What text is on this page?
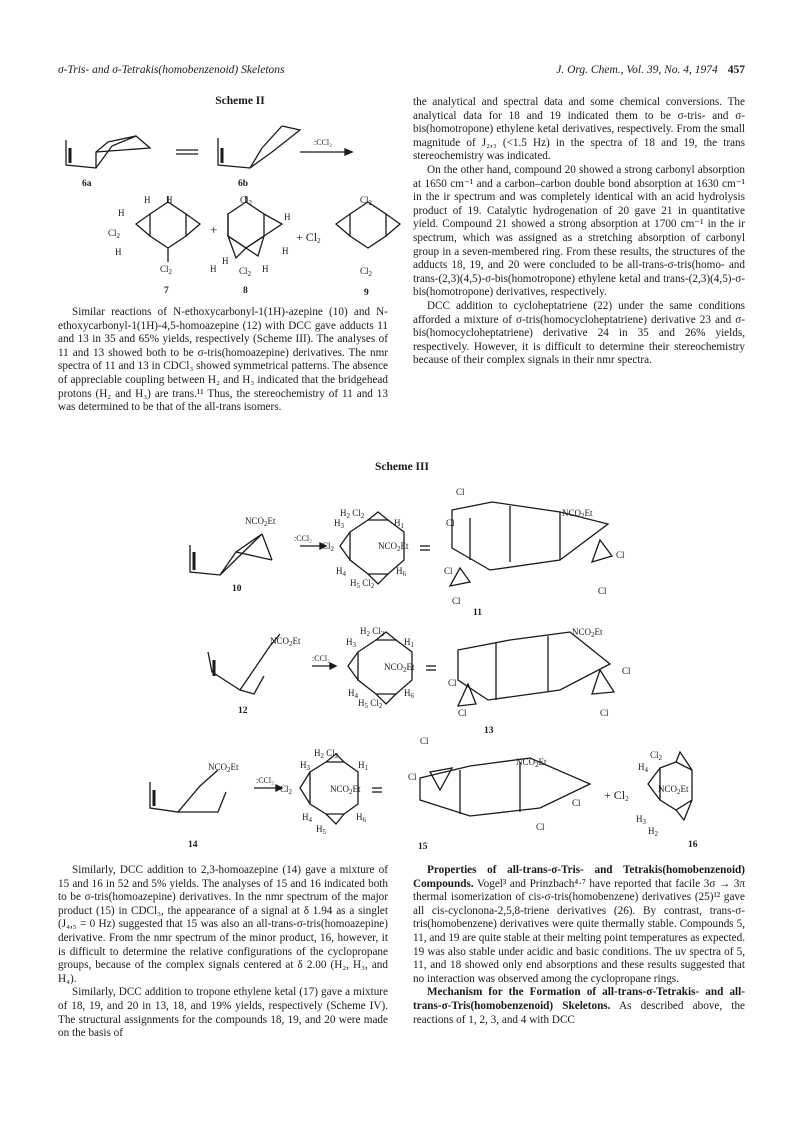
σ-Tris- and σ-Tetrakis(homobenzenoid) Skeletons	J. Org. Chem., Vol. 39, No. 4, 1974 457
Scheme II
6a	6b
:CCl₂
H H
H
$Cl_2$
H
$Cl_2$
7
+
$Cl_2$
H
H
H
H	$Cl_2$ H
8
+ $Cl_2$
$Cl_2$
$Cl_2$
9

Similar reactions of N-ethoxycarbonyl-1(1H)-azepine (10) and N-ethoxycarbonyl-1(1H)-4,5-homoazepine (12) with DCC gave adducts 11 and 13 in 35 and 65% yields, respectively (Scheme III). The analyses of 11 and 13 showed both to be σ-tris(homoazepine) derivatives. The nmr spectra of 11 and 13 in CDCl₃ showed symmetrical patterns. The absence of appreciable coupling between H₂ and H₃ indicated that the bridgehead protons (H₂ and H₃) are trans.¹¹ Thus, the stereochemistry of 11 and 13 was determined to be that of the all-trans isomers.

the analytical and spectral data and some chemical conversions. The analytical data for 18 and 19 indicated them to be σ-tris- and σ-bis(homotropone) ethylene ketal derivatives, respectively. From the small magnitude of J₂,₃ (<1.5 Hz) in the spectra of 18 and 19, the trans stereochemistry was indicated.

On the other hand, compound 20 showed a strong carbonyl absorption at 1650 cm⁻¹ and a carbon–carbon double bond absorption at 1630 cm⁻¹ in the ir spectrum and was completely identical with an acid hydrolysis product of 19. Catalytic hydrogenation of 20 gave 21 in quantitative yield. Compound 21 showed a strong absorption at 1700 cm⁻¹ in the ir spectrum, which was assigned as a stretching absorption of carbonyl group in a seven-membered ring. From these results, the structures of the adducts 18, 19, and 20 were concluded to be all-trans-σ-tris(homo- and trans-(2,3)(4,5)-σ-bis(homotropone) ethylene ketal and trans-(2,3)(4,5)-σ-bis(homotropone) derivatives, respectively.

DCC addition to cycloheptatriene (22) under the same conditions afforded a mixture of σ-tris(homocycloheptatriene) derivative 23 and σ-bis(homocycloheptatriene) derivative 24 in 35 and 26% yields, respectively. However, it is difficult to determine their stereochemistry because of their complex signals in their nmr spectra.

Scheme III
$NCO_2Et$
10
:CCl₂
$H_2$ $Cl_2$
$H_3$	$H_1$
$Cl_2$	$NCO_2Et$
$H_4$	$H_6$
$H_5$ $Cl_2$
Cl
Cl
$NCO_2Et$
Cl
Cl
Cl
Cl
11
$NCO_2Et$
12
:CCl₂
$H_2$ $Cl_2$
$H_3$	$H_1$
$NCO_2Et$
$H_4$	$H_6$
$H_5$ $Cl_2$
$NCO_2Et$
Cl
Cl
Cl	Cl
13
$NCO_2Et$
14
:CCl₂
$H_2$ $Cl_2$
$H_3$	$H_1$
$Cl_2$	$NCO_2Et$
$H_4$	$H_6$
$H_5$
Cl
Cl
$NCO_2Et$
Cl
Cl
15
+ $Cl_2$
$Cl_2$
$H_4$
$NCO_2Et$
$H_3$
$H_2$
16

Similarly, DCC addition to 2,3-homoazepine (14) gave a mixture of 15 and 16 in 52 and 5% yields. The analyses of 15 and 16 indicated both to be σ-tris(homoazepine) derivatives. In the nmr spectrum of the major product (15) in CDCl₃, the appearance of a signal at δ 1.94 as a singlet (J₄,₅ = 0 Hz) suggested that 15 was also an all-trans-σ-tris(homoazepine) derivative. From the nmr spectrum of the minor product, 16, however, it is difficult to determine the relative configurations of the cyclopropane groups, because of the complex signals centered at δ 2.00 (H₂, H₃, and H₄).

Similarly, DCC addition to tropone ethylene ketal (17) gave a mixture of 18, 19, and 20 in 13, 18, and 19% yields, respectively (Scheme IV). The structural assignments for the compounds 18, 19, and 20 were made on the basis of

Properties of all-trans-σ-Tris- and Tetrakis(homobenzenoid) Compounds. Vogel³ and Prinzbach⁴·⁷ have reported that facile 3σ → 3π thermal isomerization of cis-σ-tris(homobenzene) derivatives (25)¹² gave all cis-cyclonona-2,5,8-triene derivatives (26). By contrast, trans-σ-tris(homobenzene) derivatives were quite thermally stable. Compounds 5, 11, and 19 are quite stable at their melting point temperatures as expected. 19 was also stable under acidic and basic conditions. The uv spectra of 5, 11, and 18 showed only end absorptions and these results suggested that no interaction was observed among the cyclopropane rings.

Mechanism for the Formation of all-trans-σ-Tetrakis- and all-trans-σ-Tris(homobenzenoid) Skeletons. As described above, the reactions of 1, 2, 3, and 4 with DCC
